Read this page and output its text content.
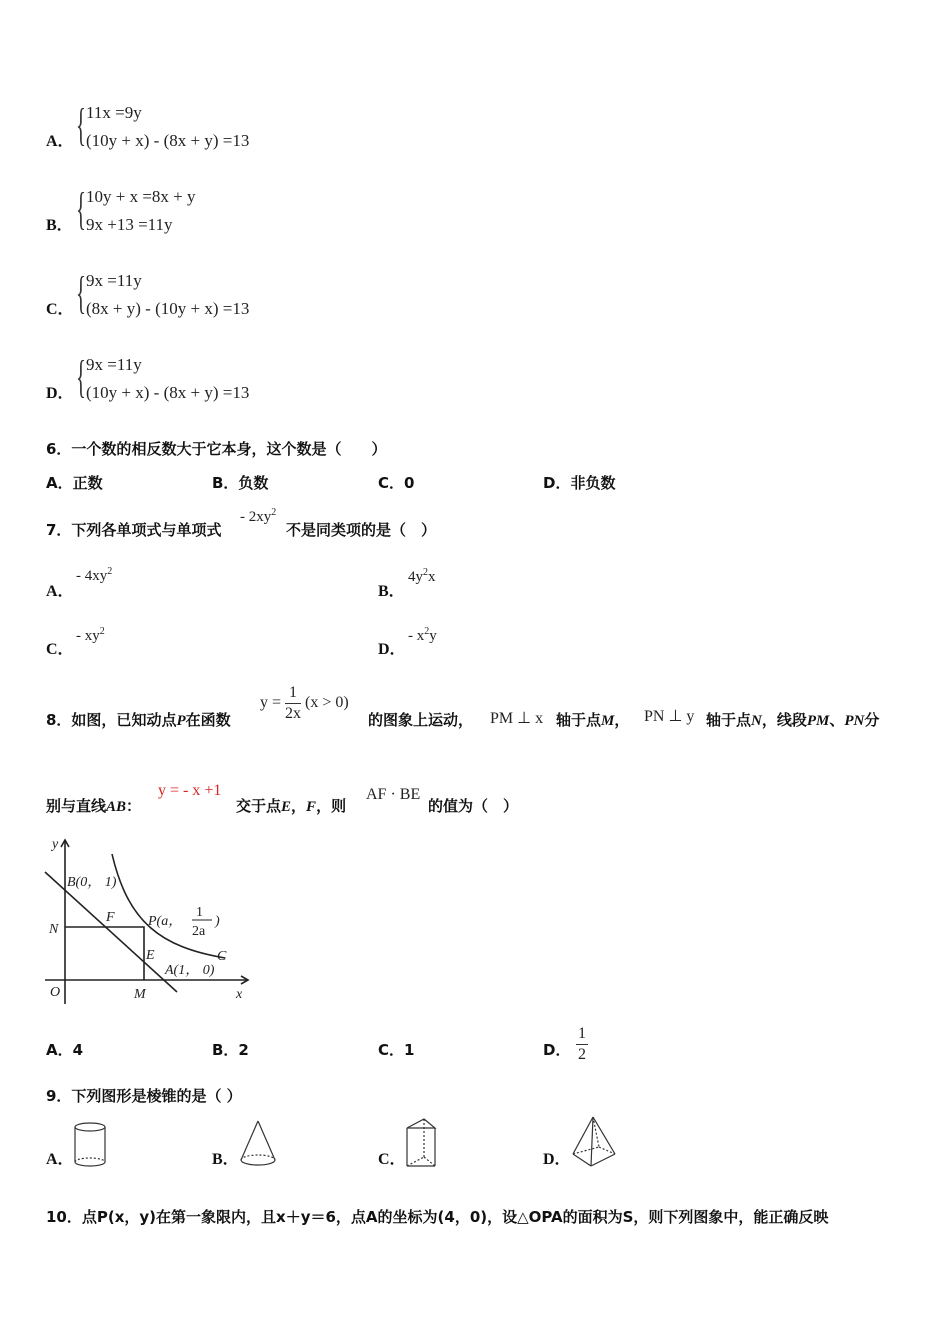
A． { 11x =9y
(10y + x) - (8x + y) =13
B． { 10y + x =8x + y
9x +13 =11y
C． { 9x =11y
(8x + y) - (10y + x) =13
D． { 9x =11y
(10y + x) - (8x + y) =13
6．一个数的相反数大于它本身，这个数是（　　）
A．正数	B．负数	C．0	D．非负数
7．下列各单项式与单项式
- $2xy^2$
不是同类项的是（　）
A．
- $4xy^2$
B．
$4y^2x$
C．
- $xy^2$
D．
- $x^2y$
8．如图，已知动点P在函数
$y = \frac{1}{2x} (x > 0)$
的图象上运动， PM ⊥ x 轴于点M， PN ⊥ y 轴于点N，线段PM、PN分
别与直线AB：
y = - x +1
交于点E，F，则
AF · BE
的值为（　）
y
x
O
B(0， 1)
N
F P(a，
1
2a
)
E
A(1， 0)
C
M
A．4	B．2	C．1	D． $\frac{1}{2}$
9．下列图形是棱锥的是（ ）
A．	B．	C．	D．
10．点P(x，y)在第一象限内，且x＋y＝6，点A的坐标为(4，0)，设△OPA的面积为S，则下列图象中，能正确反映
